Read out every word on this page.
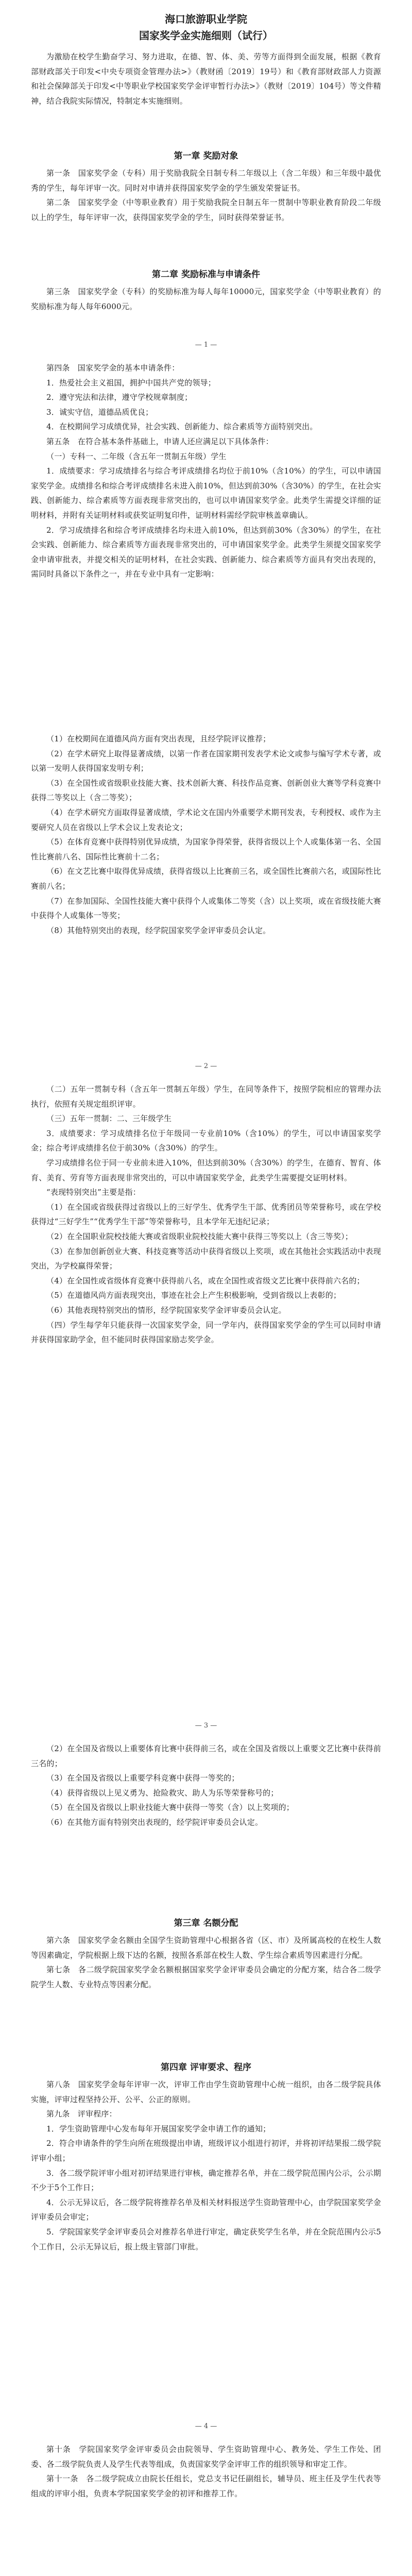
海口旅游职业学院
国家奖学金实施细则（试行）
为激励在校学生勤奋学习、努力进取，在德、智、体、美、劳等方面得到全面发展，根据《教育部财政部关于印发<中央专项资金管理办法>》（教财函〔2019〕19号）和《教育部财政部人力资源和社会保障部关于印发<中等职业学校国家奖学金评审暂行办法>》（教财〔2019〕104号）等文件精神，结合我院实际情况，特制定本实施细则。
第一章 奖励对象
第一条　国家奖学金（专科）用于奖励我院全日制专科二年级以上（含二年级）和三年级中最优秀的学生，每年评审一次。同时对申请并获得国家奖学金的学生颁发荣誉证书。
第二条　国家奖学金（中等职业教育）用于奖励我院全日制五年一贯制中等职业教育阶段二年级以上的学生，每年评审一次，获得国家奖学金的学生，同时获得荣誉证书。
第二章 奖励标准与申请条件
第三条　国家奖学金（专科）的奖励标准为每人每年10000元，国家奖学金（中等职业教育）的奖励标准为每人每年6000元。
— 1 —
第四条　国家奖学金的基本申请条件：
1．热爱社会主义祖国，拥护中国共产党的领导；
2．遵守宪法和法律，遵守学校规章制度；
3．诚实守信，道德品质优良；
4．在校期间学习成绩优异，社会实践、创新能力、综合素质等方面特别突出。
第五条　在符合基本条件基础上，申请人还应满足以下具体条件：
（一）专科一、二年级（含五年一贯制五年级）学生
1．成绩要求：学习成绩排名与综合考评成绩排名均位于前10%（含10%）的学生，可以申请国家奖学金。成绩排名和综合考评成绩排名未进入前10%，但达到前30%（含30%）的学生，在社会实践、创新能力、综合素质等方面表现非常突出的，也可以申请国家奖学金。此类学生需提交详细的证明材料，并附有关证明材料或获奖证明复印件，证明材料需经学院审核盖章确认。
2．学习成绩排名和综合考评成绩排名均未进入前10%，但达到前30%（含30%）的学生，在社会实践、创新能力、综合素质等方面表现非常突出的，可申请国家奖学金。此类学生须提交国家奖学金申请审批表，并提交相关的证明材料，在社会实践、创新能力、综合素质等方面具有突出表现的，需同时具备以下条件之一，并在专业中具有一定影响：
（1）在校期间在道德风尚方面有突出表现，且经学院评议推荐；
（2）在学术研究上取得显著成绩，以第一作者在国家期刊发表学术论文或参与编写学术专著，或以第一发明人获得国家发明专利；
（3）在全国性或省级职业技能大赛、技术创新大赛、科技作品竞赛、创新创业大赛等学科竞赛中获得二等奖以上（含二等奖）；
（4）在学术研究方面取得显著成绩，学术论文在国内外重要学术期刊发表，专利授权、或作为主要研究人员在省级以上学术会议上发表论文；
（5）在体育竞赛中获得特别优异成绩，为国家争得荣誉，获得省级以上个人或集体第一名、全国性比赛前八名、国际性比赛前十二名；
（6）在文艺比赛中取得优异成绩，获得省级以上比赛前三名，或全国性比赛前六名，或国际性比赛前八名；
（7）在参加国际、全国性技能大赛中获得个人或集体二等奖（含）以上奖项，或在省级技能大赛中获得个人或集体一等奖；
（8）其他特别突出的表现，经学院国家奖学金评审委员会认定。
— 2 —
（二）五年一贯制专科（含五年一贯制五年级）学生，在同等条件下，按照学院相应的管理办法执行，依照有关规定组织评审。
（三）五年一贯制：二、三年级学生
3．成绩要求：学习成绩排名位于年级同一专业前10%（含10%）的学生，可以申请国家奖学金；综合考评成绩排名位于前30%（含30%）的学生。
学习成绩排名位于同一专业前未进入10%，但达到前30%（含30%）的学生，在德育、智育、体育、美育、劳育等方面表现非常突出的，可以申请国家奖学金，此类学生需要提交证明材料。
“表现特别突出”主要是指：
（1）在全国或省级获得过省级以上的三好学生、优秀学生干部、优秀团员等荣誉称号，或在学校获得过“三好学生”“优秀学生干部”等荣誉称号，且本学年无违纪记录；
（2）在全国职业院校技能大赛或省级职业院校技能大赛中获得三等奖以上（含三等奖）；
（3）在参加创新创业大赛、科技竞赛等活动中获得省级以上奖项，或在其他社会实践活动中表现突出，为学校赢得荣誉；
（4）在全国性或省级体育竞赛中获得前八名，或在全国性或省级文艺比赛中获得前六名的；
（5）在道德风尚方面表现突出，事迹在社会上产生积极影响，受到省级以上表彰的；
（6）其他表现特别突出的情形，经学院国家奖学金评审委员会认定。
（四）学生每学年只能获得一次国家奖学金，同一学年内，获得国家奖学金的学生可以同时申请并获得国家助学金，但不能同时获得国家励志奖学金。
— 3 —
（2）在全国及省级以上重要体育比赛中获得前三名，或在全国及省级以上重要文艺比赛中获得前三名的；
（3）在全国及省级以上重要学科竞赛中获得一等奖的；
（4）获得省级以上见义勇为、抢险救灾、助人为乐等荣誉称号的；
（5）在全国及省级以上职业技能大赛中获得一等奖（含）以上奖项的；
（6）在其他方面有特别突出表现的，经学院评审委员会认定。
第三章 名额分配
第六条　国家奖学金名额由全国学生资助管理中心根据各省（区、市）及所属高校的在校生人数等因素确定，学院根据上级下达的名额，按照各系部在校生人数、学生综合素质等因素进行分配。
第七条　各二级学院国家奖学金名额根据国家奖学金评审委员会确定的分配方案，结合各二级学院学生人数、专业特点等因素分配。
第四章 评审要求、程序
第八条　国家奖学金每年评审一次，评审工作由学生资助管理中心统一组织，由各二级学院具体实施，评审过程坚持公开、公平、公正的原则。
第九条　评审程序：
1．学生资助管理中心发布每年开展国家奖学金申请工作的通知；
2．符合申请条件的学生向所在班级提出申请，班级评议小组进行初评，并将初评结果报二级学院评审小组；
3．各二级学院评审小组对初评结果进行审核，确定推荐名单，并在二级学院范围内公示，公示期不少于5个工作日；
4．公示无异议后，各二级学院将推荐名单及相关材料报送学生资助管理中心，由学院国家奖学金评审委员会审定；
5．学院国家奖学金评审委员会对推荐名单进行审定，确定获奖学生名单，并在全院范围内公示5个工作日，公示无异议后，报上级主管部门审批。
— 4 —
第十条　学院国家奖学金评审委员会由院领导、学生资助管理中心、教务处、学生工作处、团委、各二级学院负责人及学生代表等组成，负责国家奖学金评审工作的组织领导和审定工作。
第十一条　各二级学院成立由院长任组长，党总支书记任副组长，辅导员、班主任及学生代表等组成的评审小组，负责本学院国家奖学金的初评和推荐工作。
